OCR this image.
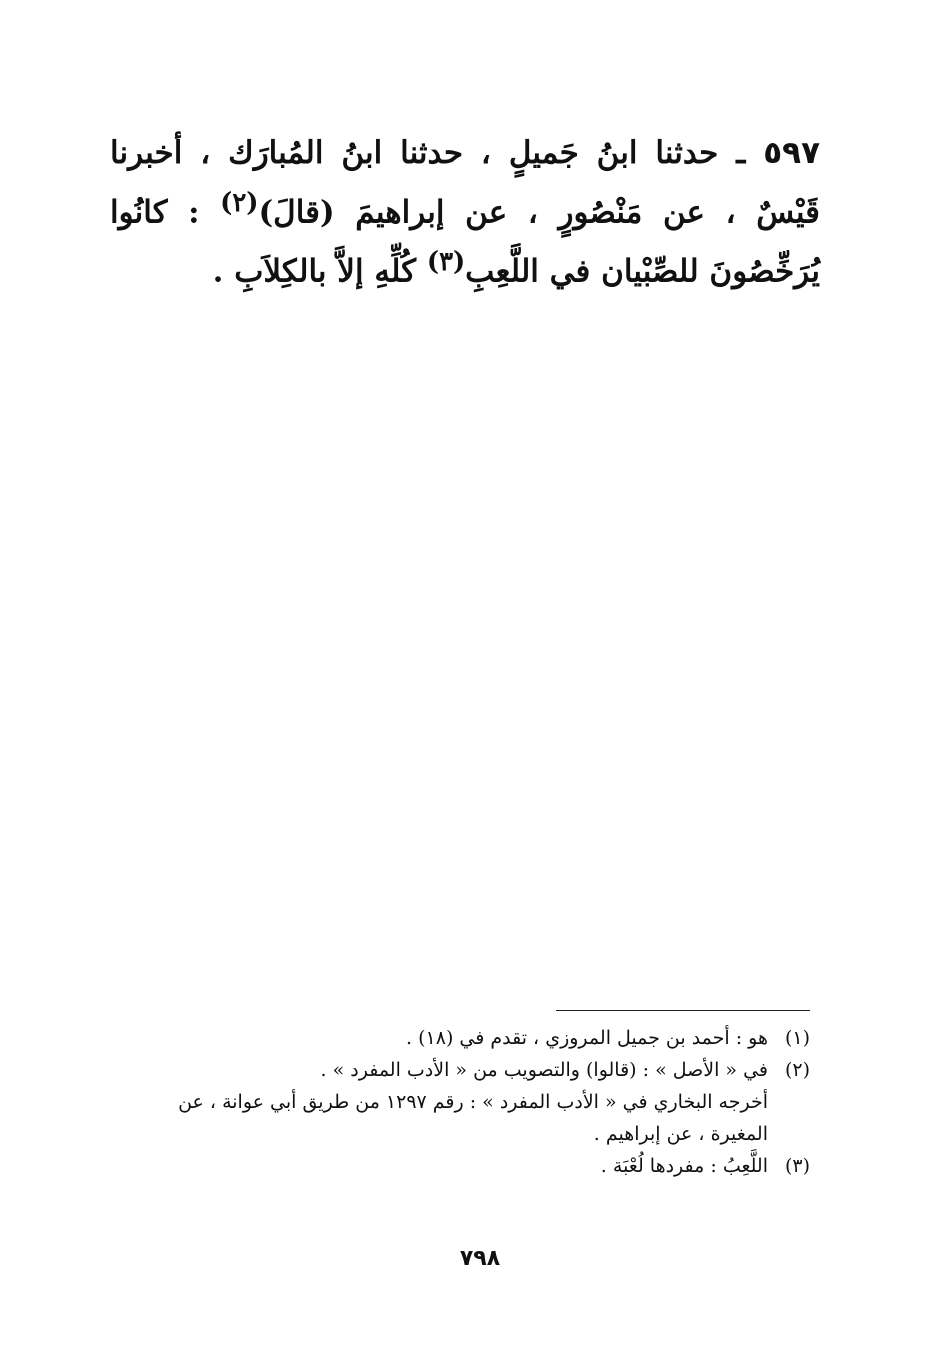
٥٩٧ ـ حدثنا ابنُ جَميلٍ ، حدثنا ابنُ المُبارَك ، أخبرنا قَيْسٌ ، عن مَنْصُورٍ ، عن إبراهيمَ (قالَ)$^{(٢)}$ : كانُوا يُرَخِّصُونَ للصِّبْيان في اللَّعِبِ$^{(٣)}$ كُلِّهِ إلاَّ بالكِلاَبِ .
(١)هو : أحمد بن جميل المروزي ، تقدم في (١٨) .
(٢)في « الأصل » : (قالوا) والتصويب من « الأدب المفرد » .
أخرجه البخاري في « الأدب المفرد » : رقم ١٢٩٧ من طريق أبي عوانة ، عن
المغيرة ، عن إبراهيم .
(٣)اللَّعِبُ : مفردها لُعْبَة .
٧٩٨
